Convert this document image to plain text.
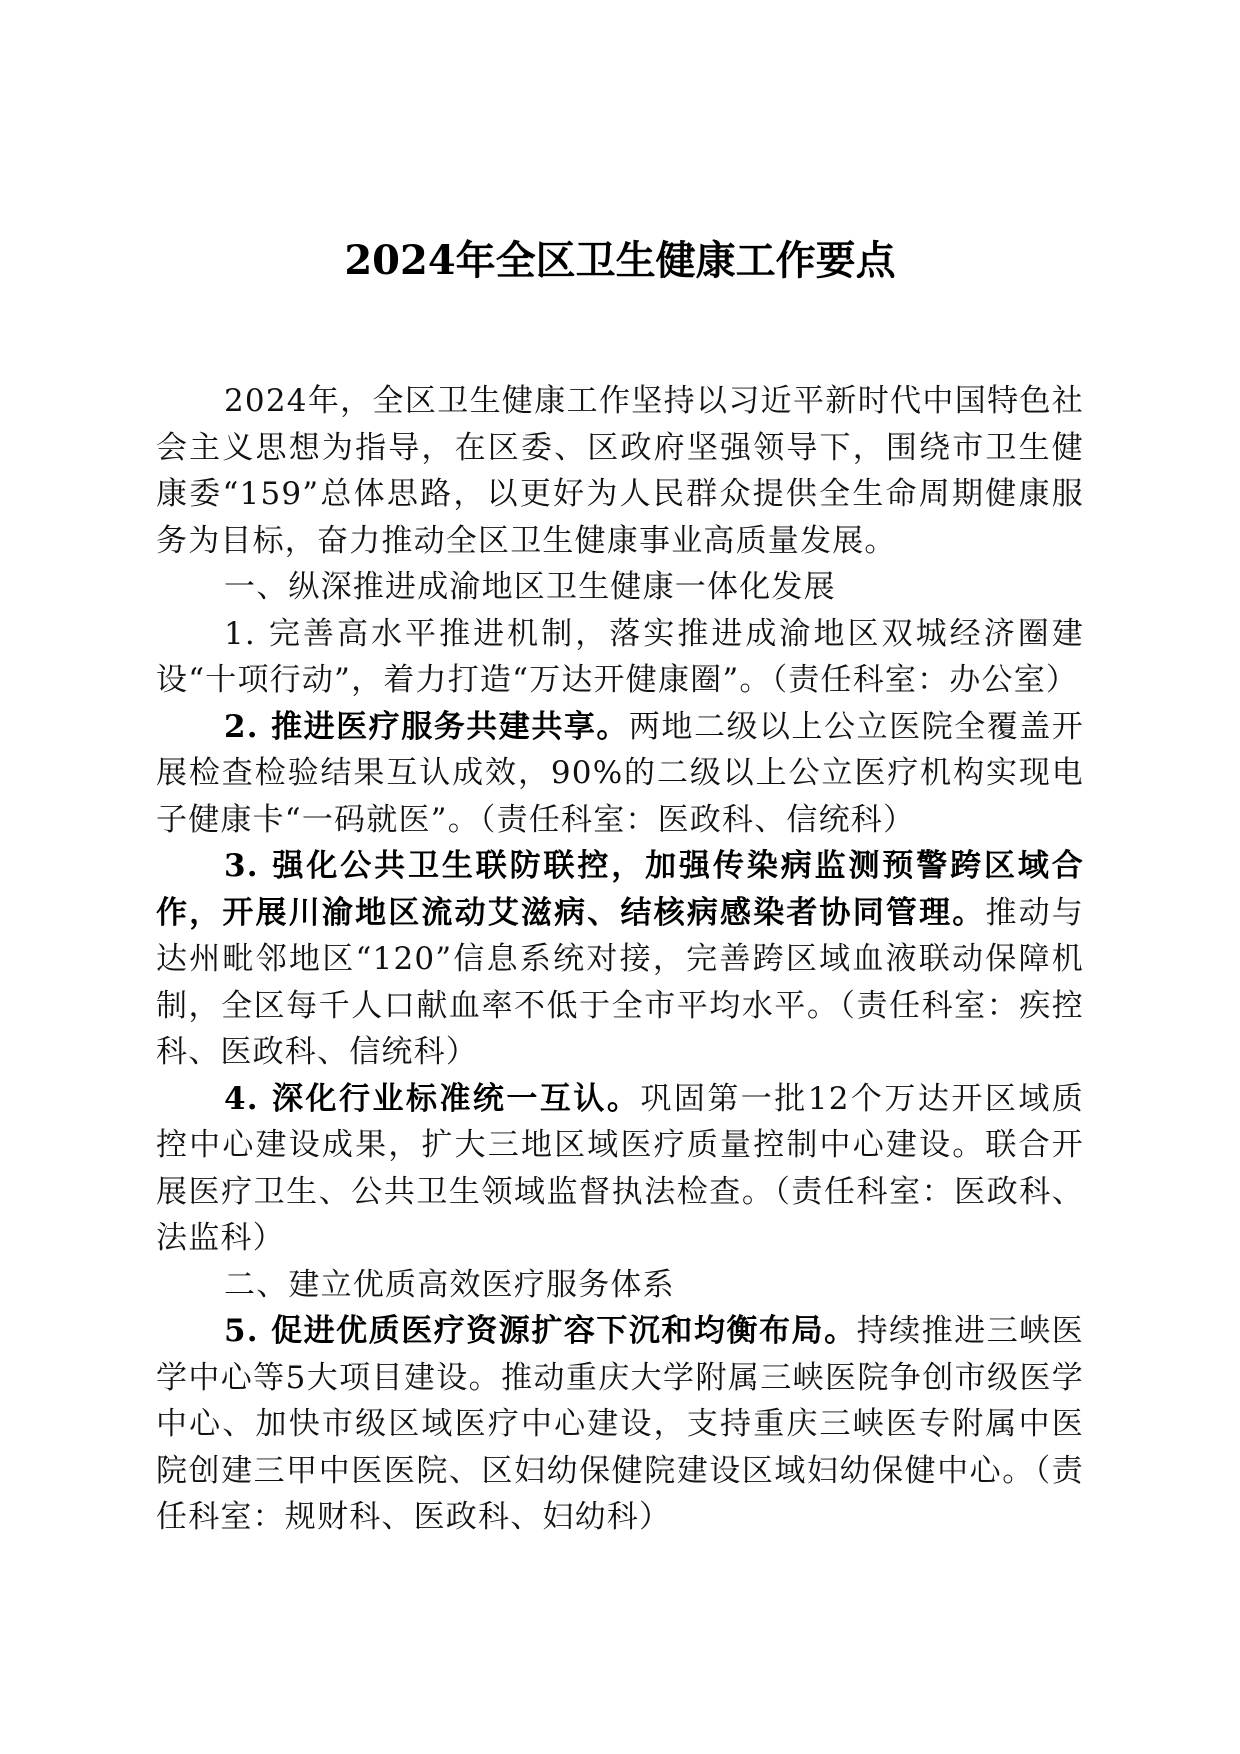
2024年全区卫生健康工作要点

2024年，全区卫生健康工作坚持以习近平新时代中国特色社会主义思想为指导，在区委、区政府坚强领导下，围绕市卫生健康委“159”总体思路，以更好为人民群众提供全生命周期健康服务为目标，奋力推动全区卫生健康事业高质量发展。

一、纵深推进成渝地区卫生健康一体化发展

1. 完善高水平推进机制，落实推进成渝地区双城经济圈建设“十项行动”，着力打造“万达开健康圈”。（责任科室：办公室）

2. 推进医疗服务共建共享。两地二级以上公立医院全覆盖开展检查检验结果互认成效，90%的二级以上公立医疗机构实现电子健康卡“一码就医”。（责任科室：医政科、信统科）

3. 强化公共卫生联防联控，加强传染病监测预警跨区域合作，开展川渝地区流动艾滋病、结核病感染者协同管理。推动与达州毗邻地区“120”信息系统对接，完善跨区域血液联动保障机制，全区每千人口献血率不低于全市平均水平。（责任科室：疾控科、医政科、信统科）

4. 深化行业标准统一互认。巩固第一批12个万达开区域质控中心建设成果，扩大三地区域医疗质量控制中心建设。联合开展医疗卫生、公共卫生领域监督执法检查。（责任科室：医政科、法监科）

二、建立优质高效医疗服务体系

5. 促进优质医疗资源扩容下沉和均衡布局。持续推进三峡医学中心等5大项目建设。推动重庆大学附属三峡医院争创市级医学中心、加快市级区域医疗中心建设，支持重庆三峡医专附属中医院创建三甲中医医院、区妇幼保健院建设区域妇幼保健中心。（责任科室：规财科、医政科、妇幼科）
